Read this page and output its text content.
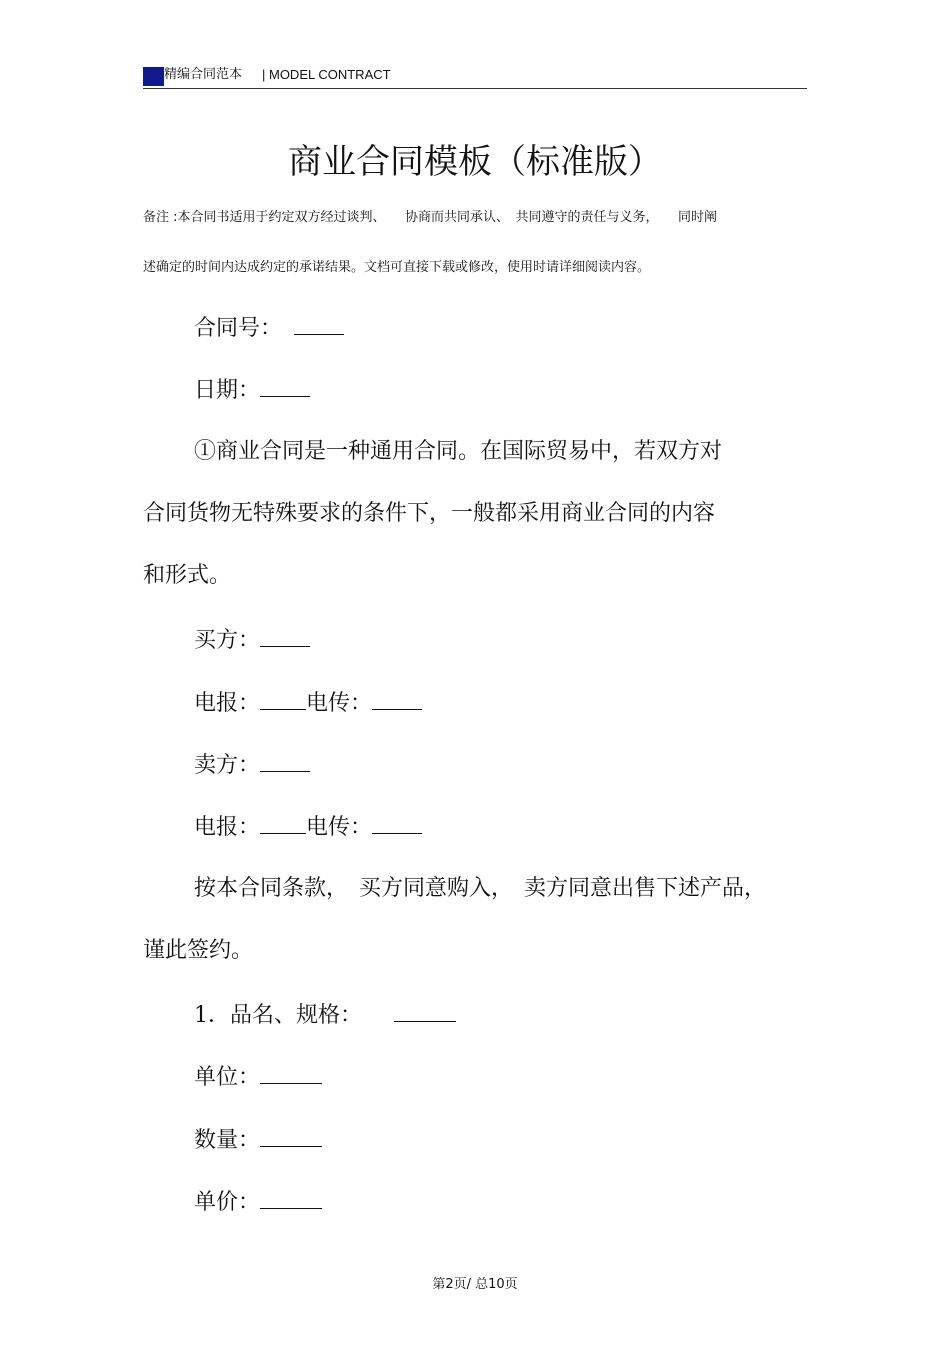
精编合同范本 | MODEL CONTRACT
商业合同模板（标准版）
备注 :本合同书适用于约定双方经过谈判、　　协商而共同承认、　共同遵守的责任与义务，　　同时阐
述确定的时间内达成约定的承诺结果。文档可直接下载或修改，使用时请详细阅读内容。
合同号：
日期：
①商业合同是一种通用合同。在国际贸易中，若双方对
合同货物无特殊要求的条件下，一般都采用商业合同的内容
和形式。
买方：
电报： 电传：
卖方：
电报： 电传：
按本合同条款，　买方同意购入，　卖方同意出售下述产品，
谨此签约。
1．品名、规格：
单位：
数量：
单价：
第2页/ 总10页
